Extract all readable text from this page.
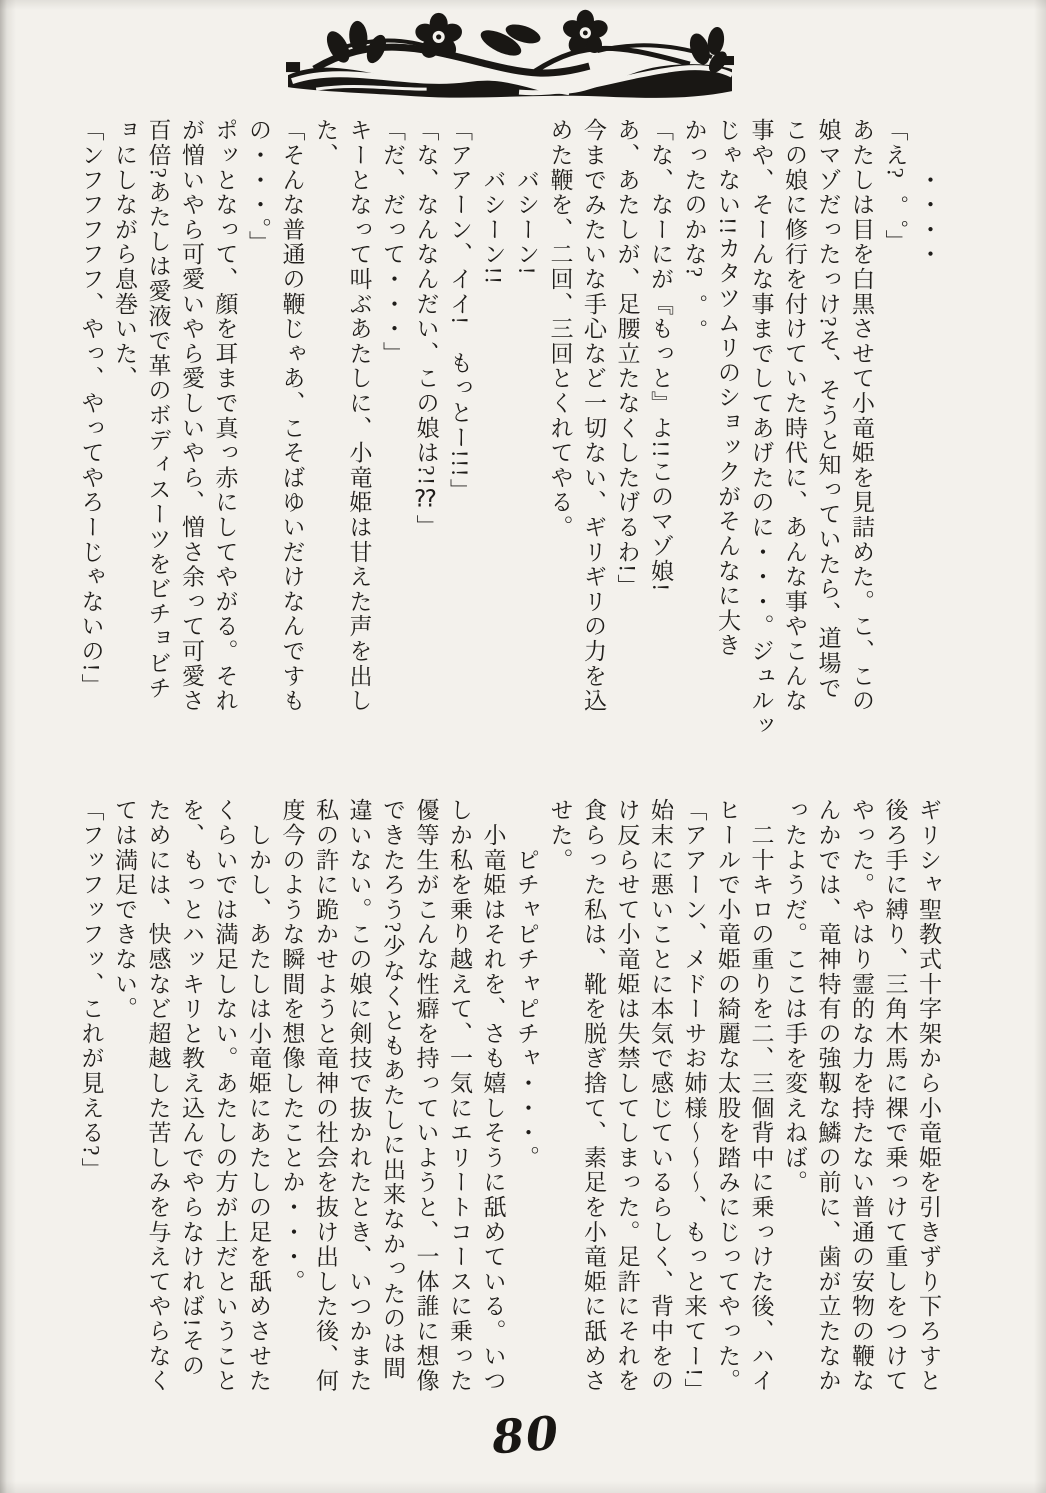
　　・・・・

「え?゜゜」

あたしは目を白黒させて小竜姫を見詰めた。こ、この

娘マゾだったっけ?そ、そうと知っていたら、道場で

この娘に修行を付けていた時代に、あんな事やこんな

事や、そーんな事までしてあげたのに・・・。ジュルッ

じゃない!!カタツムリのショックがそんなに大き

かったのかな?゜゜

「な、なーにが『もっと』よ!!このマゾ娘!

あ、あたしが、足腰立たなくしたげるわ!」

今までみたいな手心など一切ない、ギリギリの力を込

めた鞭を、二回、三回とくれてやる。

　　バシーン!

　　バシーン!!

「アアーン、イイ!　もっとー!!!」

「な、なんなんだい、この娘は?!⁇」

「だ、だって・・・」

キーとなって叫ぶあたしに、小竜姫は甘えた声を出し

た、

「そんな普通の鞭じゃあ、こそばゆいだけなんですも

の・・・。」

ポッとなって、顔を耳まで真っ赤にしてやがる。それ

が憎いやら可愛いやら愛しいやら、憎さ余って可愛さ

百倍?あたしは愛液で革のボディスーツをビチョビチ

ョにしながら息巻いた、

「ンフフフフフ、やっ、やってやろーじゃないの!」

ギリシャ聖教式十字架から小竜姫を引きずり下ろすと

後ろ手に縛り、三角木馬に裸で乗っけて重しをつけて

やった。やはり霊的な力を持たない普通の安物の鞭な

んかでは、竜神特有の強靱な鱗の前に、歯が立たなか

ったようだ。ここは手を変えねば。

　二十キロの重りを二、三個背中に乗っけた後、ハイ

ヒールで小竜姫の綺麗な太股を踏みにじってやった。

「アアーン、メドーサお姉様〜〜〜、もっと来てー!」

始末に悪いことに本気で感じているらしく、背中をの

け反らせて小竜姫は失禁してしまった。足許にそれを

食らった私は、靴を脱ぎ捨て、素足を小竜姫に舐めさ

せた。

　　ピチャピチャピチャ・・・。

　小竜姫はそれを、さも嬉しそうに舐めている。いつ

しか私を乗り越えて、一気にエリートコースに乗った

優等生がこんな性癖を持っていようと、一体誰に想像

できたろう?少なくともあたしに出来なかったのは間

違いない。この娘に剣技で抜かれたとき、いつかまた

私の許に跪かせようと竜神の社会を抜け出した後、何

度今のような瞬間を想像したことか・・・。

　しかし、あたしは小竜姫にあたしの足を舐めさせた

くらいでは満足しない。あたしの方が上だということ

を、もっとハッキリと教え込んでやらなければ!その

ためには、快感など超越した苦しみを与えてやらなく

ては満足できない。

「フッフッフッ、これが見える?」

80
